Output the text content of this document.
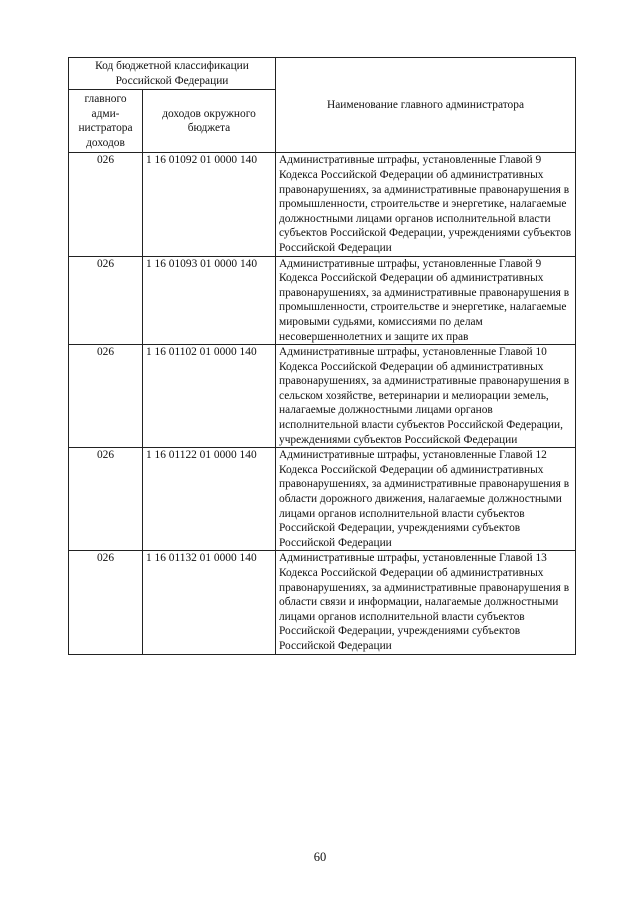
Код бюджетной классификации Российской Федерации		Наименование главного администратора
главного адми-нистратора доходов	доходов окружного бюджета	
026	1 16 01092 01 0000 140	Административные штрафы, установленные Главой 9 Кодекса Российской Федерации об административных правонарушениях, за административные правонарушения в промышленности, строительстве и энергетике, налагаемые должностными лицами органов исполнительной власти субъектов Российской Федерации, учреждениями субъектов Российской Федерации
026	1 16 01093 01 0000 140	Административные штрафы, установленные Главой 9 Кодекса Российской Федерации об административных правонарушениях, за административные правонарушения в промышленности, строительстве и энергетике, налагаемые мировыми судьями, комиссиями по делам несовершеннолетних и защите их прав
026	1 16 01102 01 0000 140	Административные штрафы, установленные Главой 10 Кодекса Российской Федерации об административных правонарушениях, за административные правонарушения в сельском хозяйстве, ветеринарии и мелиорации земель, налагаемые должностными лицами органов исполнительной власти субъектов Российской Федерации, учреждениями субъектов Российской Федерации
026	1 16 01122 01 0000 140	Административные штрафы, установленные Главой 12 Кодекса Российской Федерации об административных правонарушениях, за административные правонарушения в области дорожного движения, налагаемые должностными лицами органов исполнительной власти субъектов Российской Федерации, учреждениями субъектов Российской Федерации
026	1 16 01132 01 0000 140	Административные штрафы, установленные Главой 13 Кодекса Российской Федерации об административных правонарушениях, за административные правонарушения в области связи и информации, налагаемые должностными лицами органов исполнительной власти субъектов Российской Федерации, учреждениями субъектов Российской Федерации
60
